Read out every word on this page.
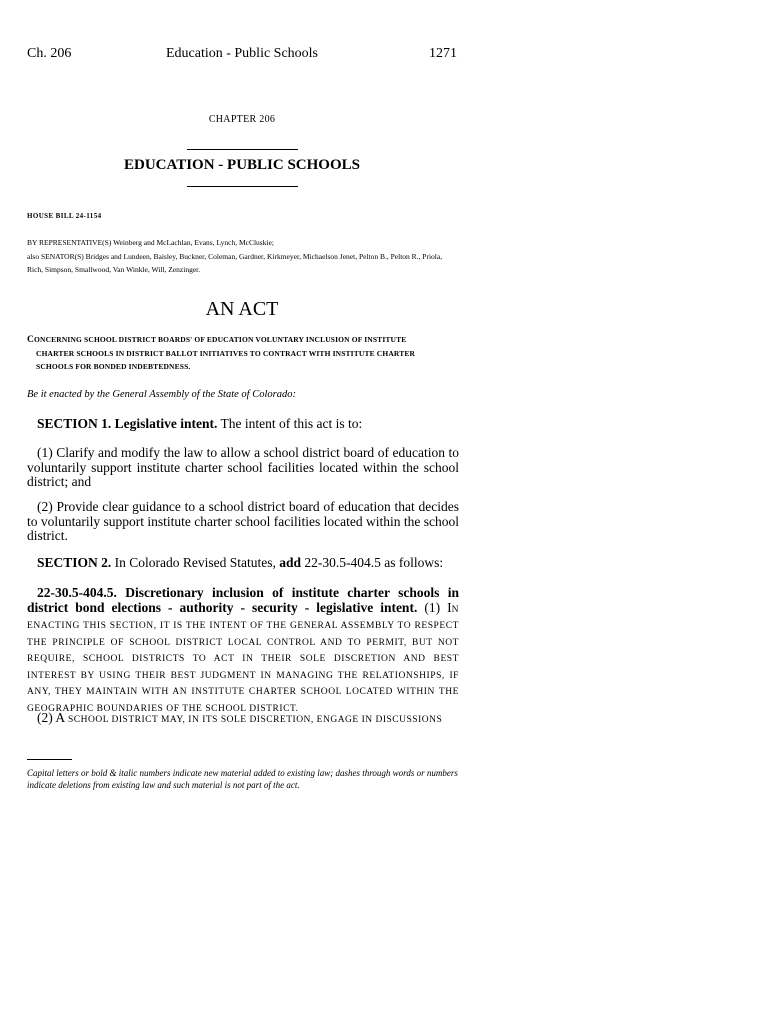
Ch. 206	Education - Public Schools	1271
CHAPTER 206
EDUCATION - PUBLIC SCHOOLS
HOUSE BILL 24-1154
BY REPRESENTATIVE(S) Weinberg and McLachlan, Evans, Lynch, McCluskie;
also SENATOR(S) Bridges and Lundeen, Baisley, Buckner, Coleman, Gardner, Kirkmeyer, Michaelson Jenet, Pelton B., Pelton R., Priola, Rich, Simpson, Smallwood, Van Winkle, Will, Zenzinger.
AN ACT
CONCERNING SCHOOL DISTRICT BOARDS' OF EDUCATION VOLUNTARY INCLUSION OF INSTITUTE
CHARTER SCHOOLS IN DISTRICT BALLOT INITIATIVES TO CONTRACT WITH INSTITUTE CHARTER
SCHOOLS FOR BONDED INDEBTEDNESS.
Be it enacted by the General Assembly of the State of Colorado:
SECTION 1. Legislative intent. The intent of this act is to:
(1) Clarify and modify the law to allow a school district board of education to voluntarily support institute charter school facilities located within the school district; and
(2) Provide clear guidance to a school district board of education that decides to voluntarily support institute charter school facilities located within the school district.
SECTION 2. In Colorado Revised Statutes, add 22-30.5-404.5 as follows:
22-30.5-404.5. Discretionary inclusion of institute charter schools in district bond elections - authority - security - legislative intent. (1) IN ENACTING THIS SECTION, IT IS THE INTENT OF THE GENERAL ASSEMBLY TO RESPECT THE PRINCIPLE OF SCHOOL DISTRICT LOCAL CONTROL AND TO PERMIT, BUT NOT REQUIRE, SCHOOL DISTRICTS TO ACT IN THEIR SOLE DISCRETION AND BEST INTEREST BY USING THEIR BEST JUDGMENT IN MANAGING THE RELATIONSHIPS, IF ANY, THEY MAINTAIN WITH AN INSTITUTE CHARTER SCHOOL LOCATED WITHIN THE GEOGRAPHIC BOUNDARIES OF THE SCHOOL DISTRICT.
(2) A SCHOOL DISTRICT MAY, IN ITS SOLE DISCRETION, ENGAGE IN DISCUSSIONS
Capital letters or bold & italic numbers indicate new material added to existing law; dashes through words or numbers indicate deletions from existing law and such material is not part of the act.
